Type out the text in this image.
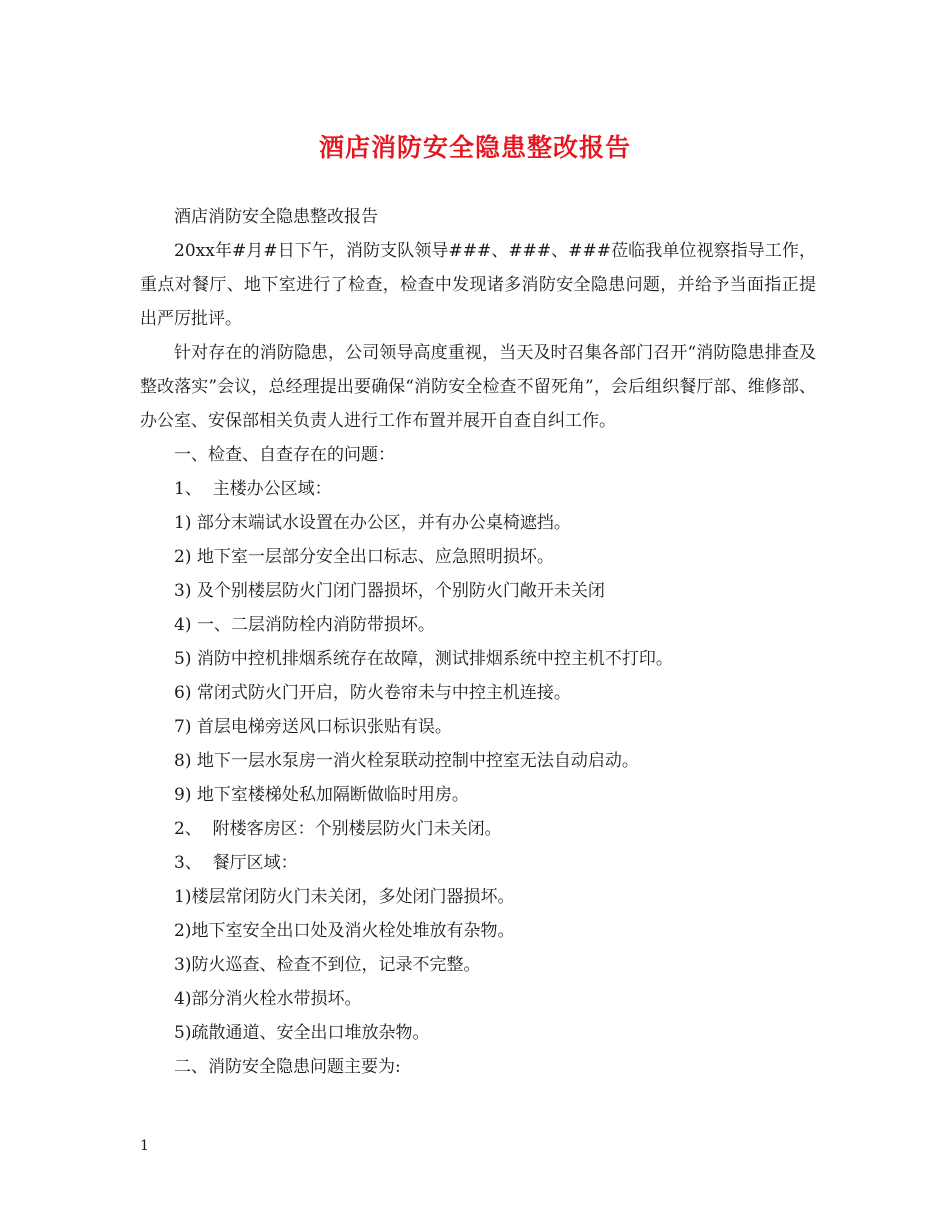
酒店消防安全隐患整改报告

酒店消防安全隐患整改报告

20xx年#月#日下午，消防支队领导###、###、###莅临我单位视察指导工作，重点对餐厅、地下室进行了检查，检查中发现诸多消防安全隐患问题，并给予当面指正提出严厉批评。

针对存在的消防隐患，公司领导高度重视，当天及时召集各部门召开“消防隐患排查及整改落实”会议，总经理提出要确保“消防安全检查不留死角”，会后组织餐厅部、维修部、办公室、安保部相关负责人进行工作布置并展开自查自纠工作。

一、检查、自查存在的问题：

1、  主楼办公区域：

1) 部分末端试水设置在办公区，并有办公桌椅遮挡。

2) 地下室一层部分安全出口标志、应急照明损坏。

3) 及个别楼层防火门闭门器损坏，个别防火门敞开未关闭

4) 一、二层消防栓内消防带损坏。

5) 消防中控机排烟系统存在故障，测试排烟系统中控主机不打印。

6) 常闭式防火门开启，防火卷帘未与中控主机连接。

7) 首层电梯旁送风口标识张贴有误。

8) 地下一层水泵房一消火栓泵联动控制中控室无法自动启动。

9) 地下室楼梯处私加隔断做临时用房。

2、  附楼客房区：个别楼层防火门未关闭。

3、  餐厅区域：

1)楼层常闭防火门未关闭，多处闭门器损坏。

2)地下室安全出口处及消火栓处堆放有杂物。

3)防火巡查、检查不到位，记录不完整。

4)部分消火栓水带损坏。

5)疏散通道、安全出口堆放杂物。

二、消防安全隐患问题主要为:

1
